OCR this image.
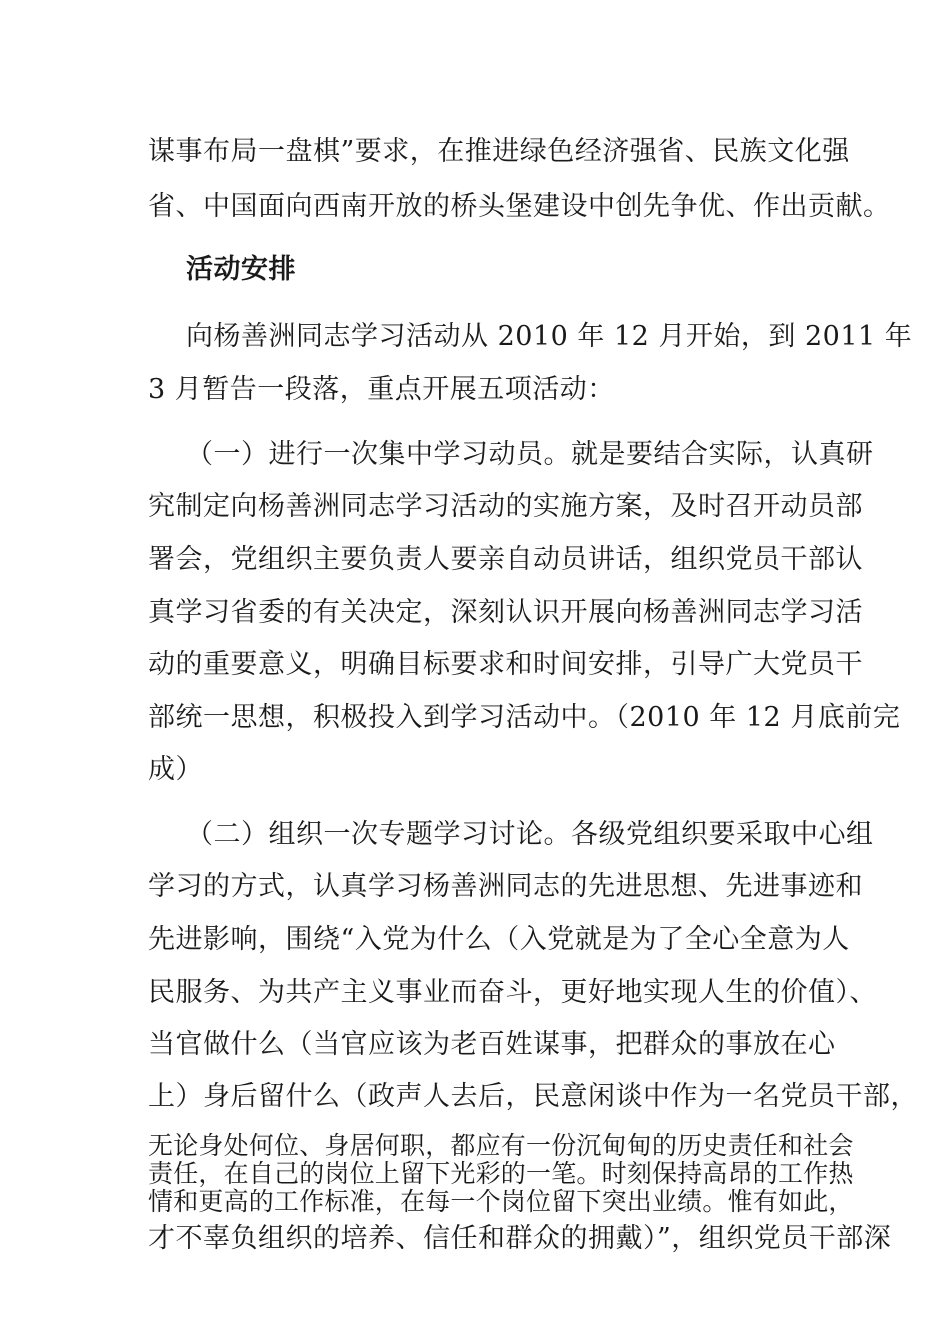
谋事布局一盘棋”要求，在推进绿色经济强省、民族文化强
省、中国面向西南开放的桥头堡建设中创先争优、作出贡献。
活动安排
向杨善洲同志学习活动从 2010 年 12 月开始，到 2011 年
3 月暂告一段落，重点开展五项活动：
（一）进行一次集中学习动员。就是要结合实际，认真研
究制定向杨善洲同志学习活动的实施方案，及时召开动员部
署会，党组织主要负责人要亲自动员讲话，组织党员干部认
真学习省委的有关决定，深刻认识开展向杨善洲同志学习活
动的重要意义，明确目标要求和时间安排，引导广大党员干
部统一思想，积极投入到学习活动中。（2010 年 12 月底前完
成）
（二）组织一次专题学习讨论。各级党组织要采取中心组
学习的方式，认真学习杨善洲同志的先进思想、先进事迹和
先进影响，围绕“入党为什么（入党就是为了全心全意为人
民服务、为共产主义事业而奋斗，更好地实现人生的价值）、
当官做什么（当官应该为老百姓谋事，把群众的事放在心
上）身后留什么（政声人去后，民意闲谈中作为一名党员干部，
无论身处何位、身居何职，都应有一份沉甸甸的历史责任和社会
责任，在自己的岗位上留下光彩的一笔。时刻保持高昂的工作热
情和更高的工作标准，在每一个岗位留下突出业绩。惟有如此，
才不辜负组织的培养、信任和群众的拥戴）”，组织党员干部深
